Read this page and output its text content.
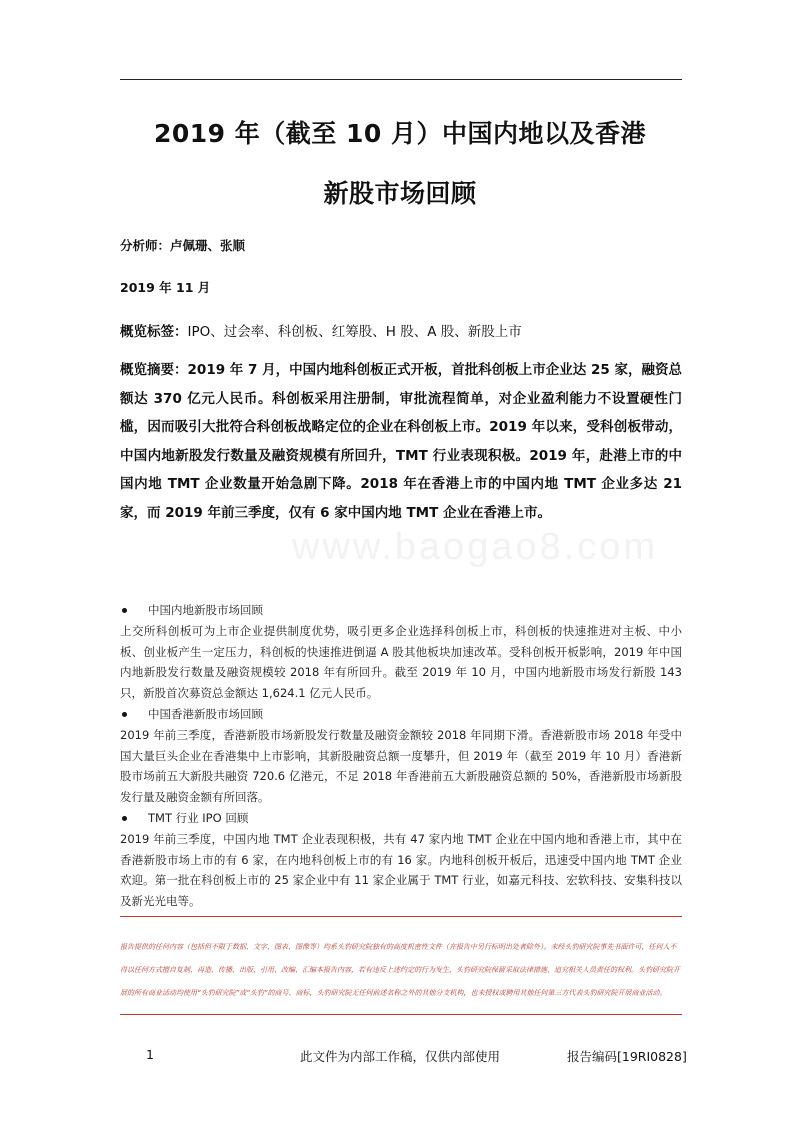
2019 年（截至 10 月）中国内地以及香港
新股市场回顾
分析师：卢佩珊、张顺
2019 年 11 月
概览标签：IPO、过会率、科创板、红筹股、H 股、A 股、新股上市
概览摘要：2019 年 7 月，中国内地科创板正式开板，首批科创板上市企业达 25 家，融资总额达 370 亿元人民币。科创板采用注册制，审批流程简单，对企业盈利能力不设置硬性门槛，因而吸引大批符合科创板战略定位的企业在科创板上市。2019 年以来，受科创板带动，中国内地新股发行数量及融资规模有所回升，TMT 行业表现积极。2019 年，赴港上市的中国内地 TMT 企业数量开始急剧下降。2018 年在香港上市的中国内地 TMT 企业多达 21 家，而 2019 年前三季度，仅有 6 家中国内地 TMT 企业在香港上市。
www.baogao8.com
中国内地新股市场回顾
上交所科创板可为上市企业提供制度优势，吸引更多企业选择科创板上市，科创板的快速推进对主板、中小板、创业板产生一定压力，科创板的快速推进倒逼 A 股其他板块加速改革。受科创板开板影响，2019 年中国内地新股发行数量及融资规模较 2018 年有所回升。截至 2019 年 10 月，中国内地新股市场发行新股 143 只，新股首次募资总金额达 1,624.1 亿元人民币。
中国香港新股市场回顾
2019 年前三季度，香港新股市场新股发行数量及融资金额较 2018 年同期下滑。香港新股市场 2018 年受中国大量巨头企业在香港集中上市影响，其新股融资总额一度攀升，但 2019 年（截至 2019 年 10 月）香港新股市场前五大新股共融资 720.6 亿港元，不足 2018 年香港前五大新股融资总额的 50%，香港新股市场新股发行量及融资金额有所回落。
TMT 行业 IPO 回顾
2019 年前三季度，中国内地 TMT 企业表现积极，共有 47 家内地 TMT 企业在中国内地和香港上市，其中在香港新股市场上市的有 6 家，在内地科创板上市的有 16 家。内地科创板开板后，迅速受中国内地 TMT 企业欢迎。第一批在科创板上市的 25 家企业中有 11 家企业属于 TMT 行业，如嘉元科技、宏软科技、安集科技以及新光光电等。
报告提供的任何内容（包括但不限于数据、文字、图表、图像等）均系头豹研究院独有的高度机密性文件（在报告中另行标明出处者除外）。未经头豹研究院事先书面许可，任何人不得以任何方式擅自复制、再造、传播、出版、引用、改编、汇编本报告内容，若有违反上述约定的行为发生，头豹研究院保留采取法律措施、追究相关人员责任的权利。头豹研究院开展的所有商业活动均使用“头豹研究院”或“头豹”的商号、商标，头豹研究院无任何前述名称之外的其他分支机构，也未授权或聘用其他任何第三方代表头豹研究院开展商业活动。
1	此文件为内部工作稿，仅供内部使用	报告编码[19RI0828]
